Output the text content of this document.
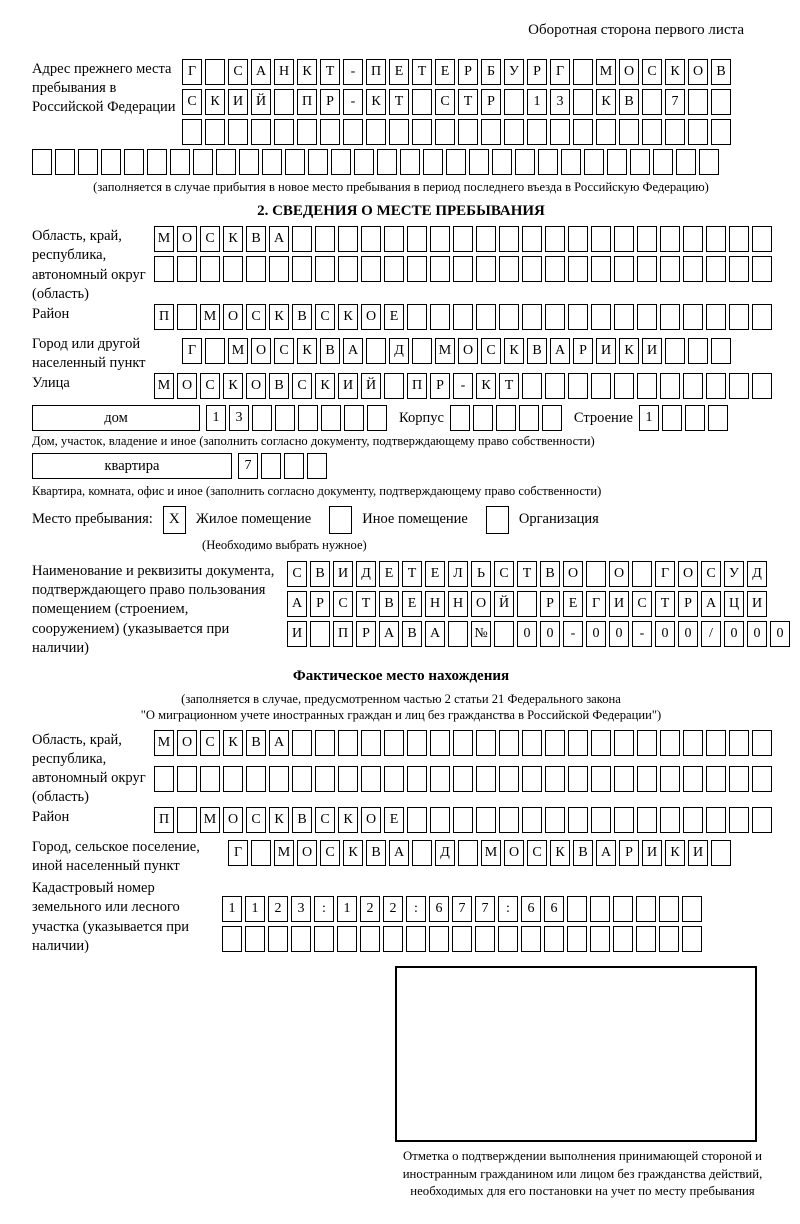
Оборотная сторона первого листа
Адрес прежнего места пребывания в Российской Федерации
Г	С А Н К	Т	-	П Е	Т	Е	Р	Б	У	Р	Г	М О С К О В
С К И Й	П	Р	-	К	Т	С	Т	Р	1	3	К В	7
(заполняется в случае прибытия в новое место пребывания в период последнего въезда в Российскую Федерацию)
2. СВЕДЕНИЯ О МЕСТЕ ПРЕБЫВАНИЯ
Область, край, республика, автономный округ (область)
М О С К В А
Район	П	М О С К В С К О Е
Город или другой населенный пункт
Г	М О С К В А	Д	М О С К В А	Р	И К И
Улица	М О С К О В С К И Й	П	Р	-	К	Т
дом	1	3	Корпус	Строение 1
Дом, участок, владение и иное (заполнить согласно документу, подтверждающему право собственности)
квартира	7
Квартира, комната, офис и иное (заполнить согласно документу, подтверждающему право собственности)
Место пребывания:	X	Жилое помещение	Иное помещение	Организация
(Необходимо выбрать нужное)
Наименование и реквизиты документа, подтверждающего право пользования помещением (строением, сооружением) (указывается при наличии)
С В И Д Е	Т	Е Л	Ь	С	Т	В О	О	Г О С У Д
А	Р	С	Т	В	Е Н Н О Й	Р	Е	Г И С	Т	Р	А Ц И
И	П	Р	А В А	№	0	0	-	0	0	-	0	0	/	0	0	0
Фактическое место нахождения
(заполняется в случае, предусмотренном частью 2 статьи 21 Федерального закона
"О миграционном учете иностранных граждан и лиц без гражданства в Российской Федерации")
Область, край, республика, автономный округ (область)
М О С К В А
Район	П	М О С К В С К О Е
Город, сельское поселение, иной населенный пункт
Г	М О С К В А	Д	М О С К В А	Р	И К И
Кадастровый номер земельного или лесного участка (указывается при наличии)
1	1	2	3	:	1	2	2	:	6	7	7	:	6	6
Отметка о подтверждении выполнения принимающей стороной и иностранным гражданином или лицом без гражданства действий, необходимых для его постановки на учет по месту пребывания
